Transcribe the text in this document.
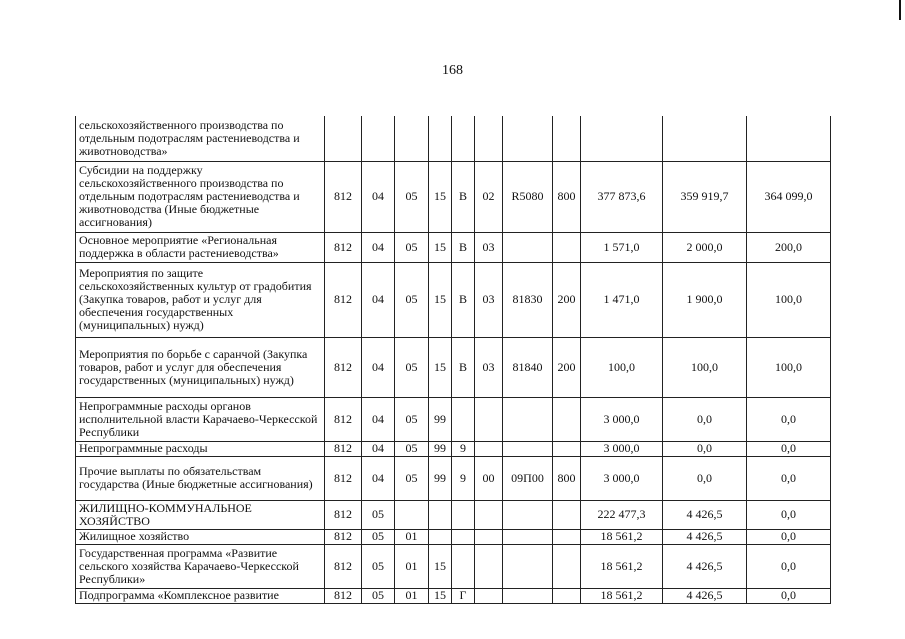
168
сельскохозяйственного производства по отдельным подотраслям растениеводства и животноводства»											
Субсидии на поддержку сельскохозяйственного производства по отдельным подотраслям растениеводства и животноводства (Иные бюджетные ассигнования)	812	04	05	15	В	02	R5080	800	377 873,6	359 919,7	364 099,0
Основное мероприятие «Региональная поддержка в области растениеводства»	812	04	05	15	В	03			1 571,0	2 000,0	200,0
Мероприятия по защите сельскохозяйственных культур от градобития (Закупка товаров, работ и услуг для обеспечения государственных (муниципальных) нужд)	812	04	05	15	В	03	81830	200	1 471,0	1 900,0	100,0
Мероприятия по борьбе с саранчой (Закупка товаров, работ и услуг для обеспечения государственных (муниципальных) нужд)	812	04	05	15	В	03	81840	200	100,0	100,0	100,0
Непрограммные расходы органов исполнительной власти Карачаево-Черкесской Республики	812	04	05	99					3 000,0	0,0	0,0
Непрограммные расходы	812	04	05	99	9				3 000,0	0,0	0,0
Прочие выплаты по обязательствам государства (Иные бюджетные ассигнования)	812	04	05	99	9	00	09П00	800	3 000,0	0,0	0,0
ЖИЛИЩНО-КОММУНАЛЬНОЕ ХОЗЯЙСТВО	812	05							222 477,3	4 426,5	0,0
Жилищное хозяйство	812	05	01						18 561,2	4 426,5	0,0
Государственная программа «Развитие сельского хозяйства Карачаево-Черкесской Республики»	812	05	01	15					18 561,2	4 426,5	0,0
Подпрограмма «Комплексное развитие	812	05	01	15	Г				18 561,2	4 426,5	0,0
